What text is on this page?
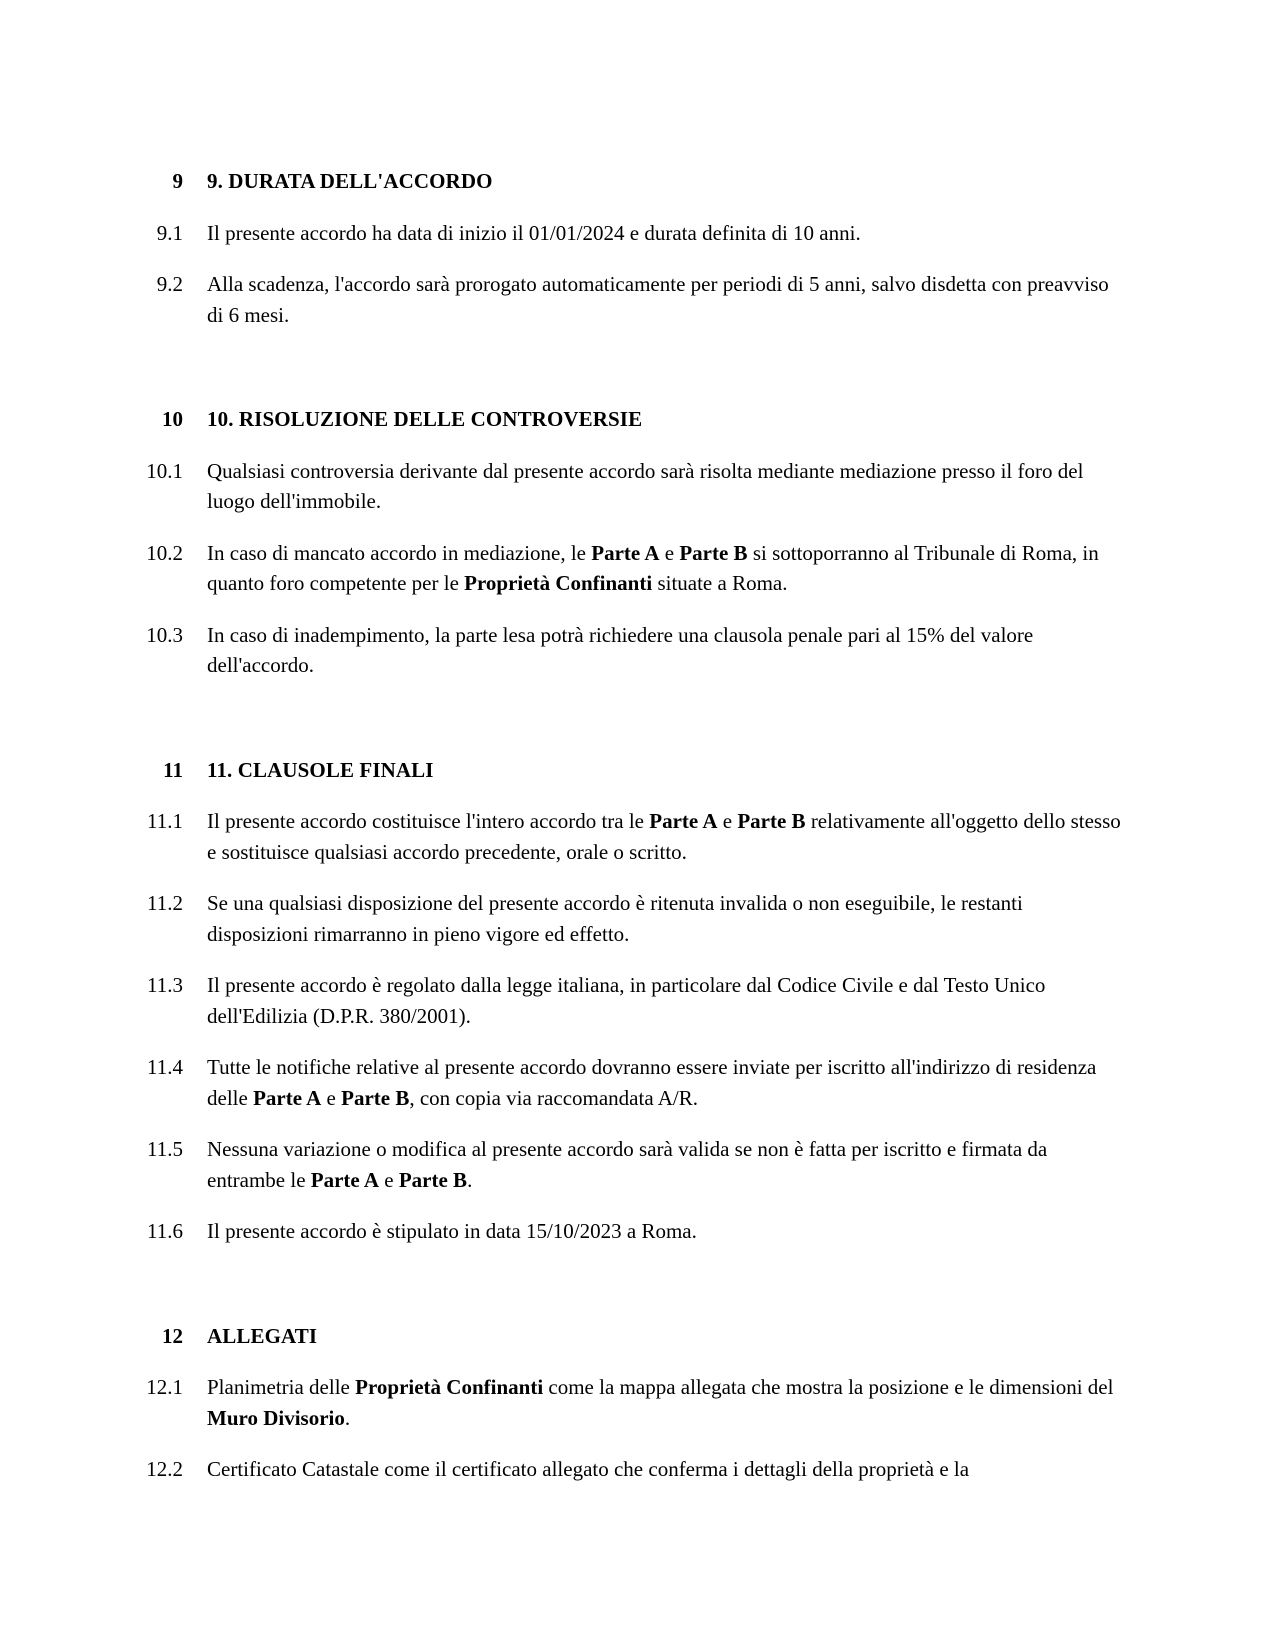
9 9. DURATA DELL'ACCORDO
9.1 Il presente accordo ha data di inizio il 01/01/2024 e durata definita di 10 anni.

9.2 Alla scadenza, l'accordo sarà prorogato automaticamente per periodi di 5 anni, salvo disdetta con preavviso di 6 mesi.

10 10. RISOLUZIONE DELLE CONTROVERSIE
10.1 Qualsiasi controversia derivante dal presente accordo sarà risolta mediante mediazione presso il foro del luogo dell'immobile.

10.2 In caso di mancato accordo in mediazione, le Parte A e Parte B si sottoporranno al Tribunale di Roma, in quanto foro competente per le Proprietà Confinanti situate a Roma.

10.3 In caso di inadempimento, la parte lesa potrà richiedere una clausola penale pari al 15% del valore dell'accordo.

11 11. CLAUSOLE FINALI
11.1 Il presente accordo costituisce l'intero accordo tra le Parte A e Parte B relativamente all'oggetto dello stesso e sostituisce qualsiasi accordo precedente, orale o scritto.

11.2 Se una qualsiasi disposizione del presente accordo è ritenuta invalida o non eseguibile, le restanti disposizioni rimarranno in pieno vigore ed effetto.

11.3 Il presente accordo è regolato dalla legge italiana, in particolare dal Codice Civile e dal Testo Unico dell'Edilizia (D.P.R. 380/2001).

11.4 Tutte le notifiche relative al presente accordo dovranno essere inviate per iscritto all'indirizzo di residenza delle Parte A e Parte B, con copia via raccomandata A/R.

11.5 Nessuna variazione o modifica al presente accordo sarà valida se non è fatta per iscritto e firmata da entrambe le Parte A e Parte B.

11.6 Il presente accordo è stipulato in data 15/10/2023 a Roma.

12 ALLEGATI
12.1 Planimetria delle Proprietà Confinanti come la mappa allegata che mostra la posizione e le dimensioni del Muro Divisorio.

12.2 Certificato Catastale come il certificato allegato che conferma i dettagli della proprietà e la
